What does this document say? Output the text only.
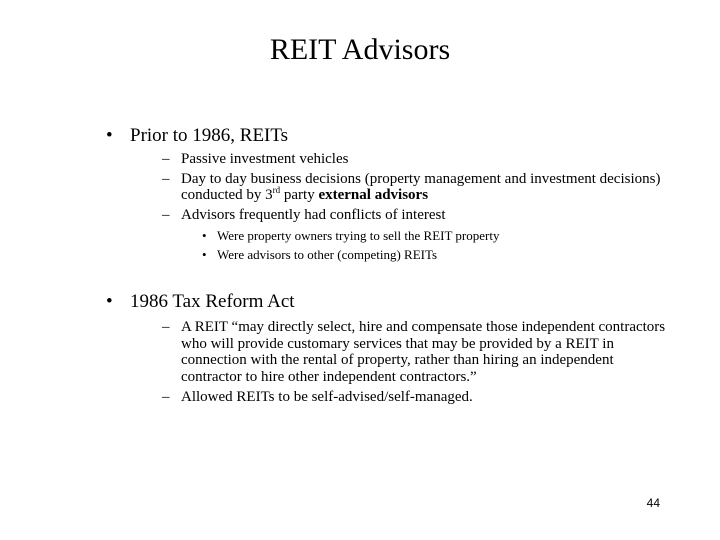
REIT Advisors
• Prior to 1986, REITs
– Passive investment vehicles
– Day to day business decisions (property management and investment decisions) conducted by 3rd party external advisors
– Advisors frequently had conflicts of interest
• Were property owners trying to sell the REIT property
• Were advisors to other (competing) REITs
• 1986 Tax Reform Act
– A REIT “may directly select, hire and compensate those independent contractors who will provide customary services that may be provided by a REIT in connection with the rental of property, rather than hiring an independent contractor to hire other independent contractors.”
– Allowed REITs to be self-advised/self-managed.
44
